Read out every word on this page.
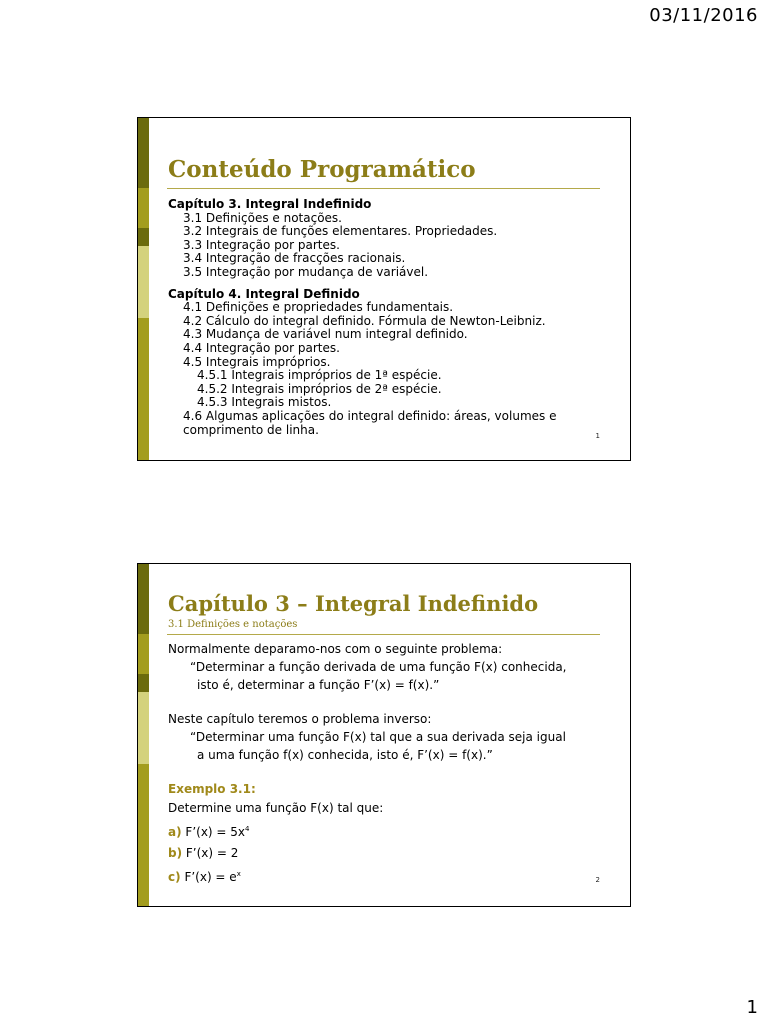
03/11/2016
Conteúdo Programático
Capítulo 3. Integral Indefinido
3.1 Definições e notações.
3.2 Integrais de funções elementares. Propriedades.
3.3 Integração por partes.
3.4 Integração de fracções racionais.
3.5 Integração por mudança de variável.
Capítulo 4. Integral Definido
4.1 Definições e propriedades fundamentais.
4.2 Cálculo do integral definido. Fórmula de Newton-Leibniz.
4.3 Mudança de variável num integral definido.
4.4 Integração por partes.
4.5 Integrais impróprios.
4.5.1 Integrais impróprios de 1ª espécie.
4.5.2 Integrais impróprios de 2ª espécie.
4.5.3 Integrais mistos.
4.6 Algumas aplicações do integral definido: áreas, volumes e
comprimento de linha.	1
Capítulo 3 – Integral Indefinido
3.1 Definições e notações
Normalmente deparamo-nos com o seguinte problema:
“Determinar a função derivada de uma função F(x) conhecida,
isto é, determinar a função F’(x) = f(x).”
Neste capítulo teremos o problema inverso:
“Determinar uma função F(x) tal que a sua derivada seja igual
a uma função f(x) conhecida, isto é, F’(x) = f(x).”
Exemplo 3.1:
Determine uma função F(x) tal que:
a) F’(x) = $5x^4$
b) F’(x) = 2
c) F’(x) = $e^x$
2
1
